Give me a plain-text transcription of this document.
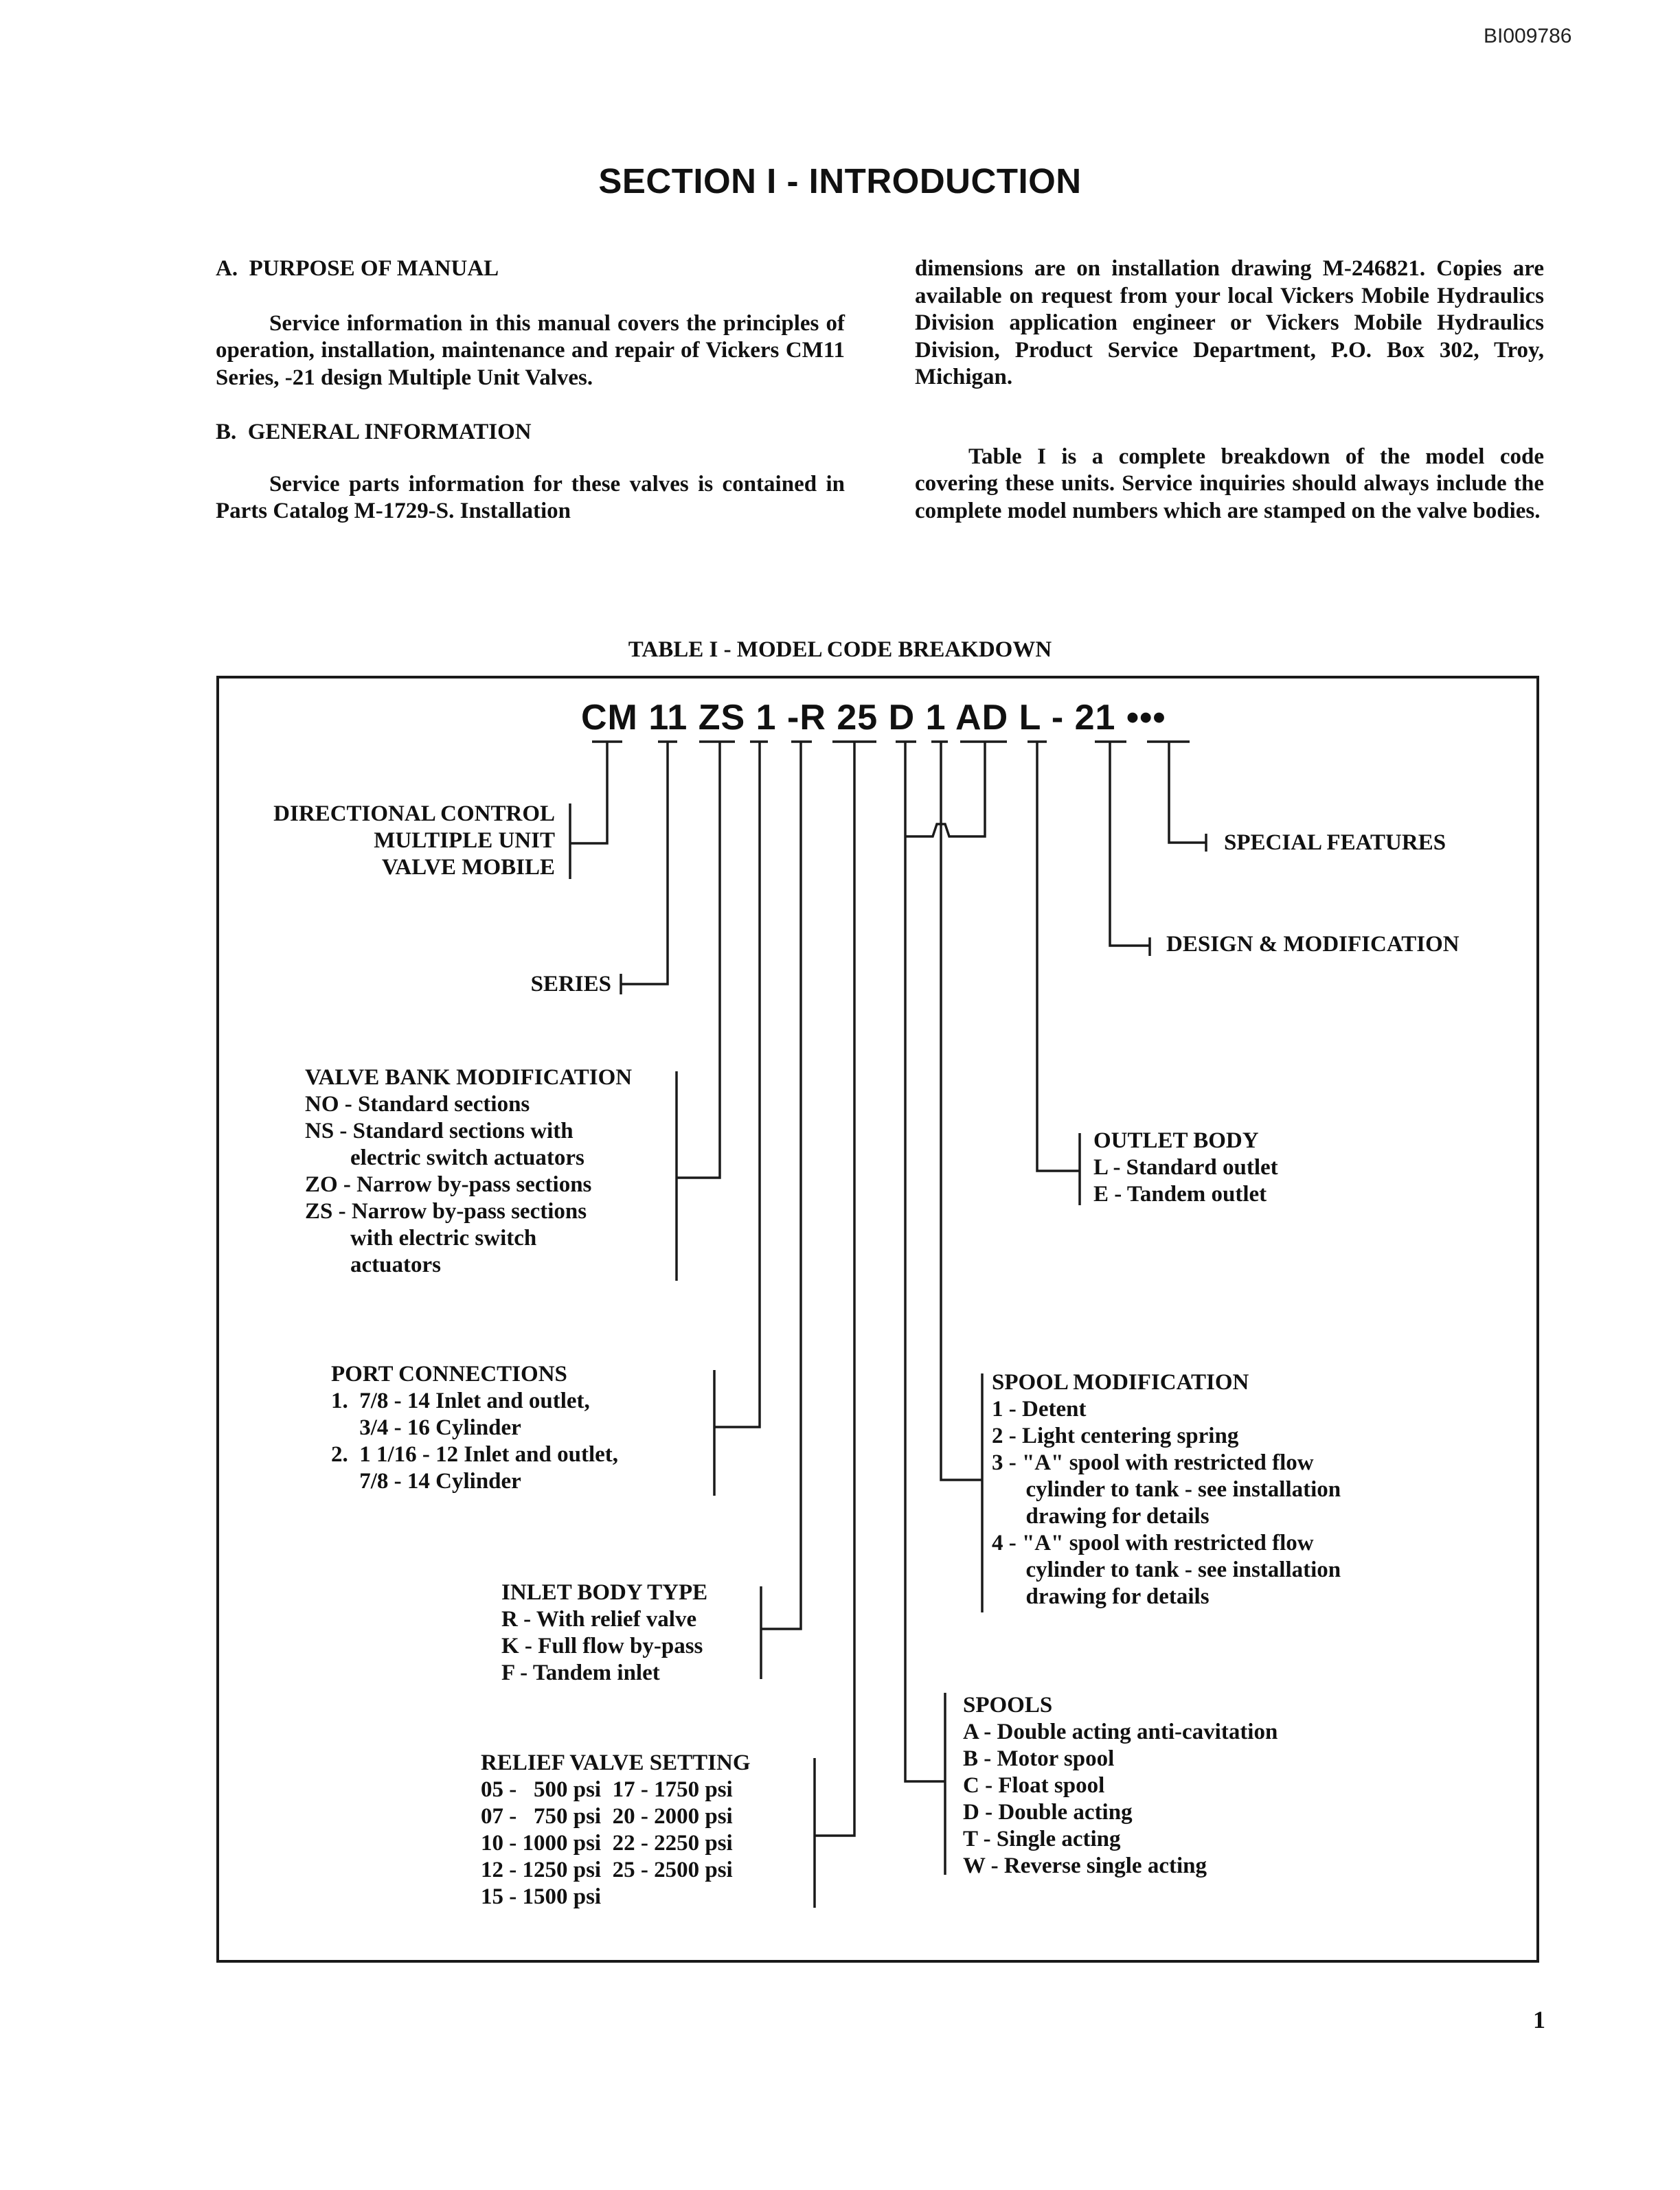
BI009786
SECTION I - INTRODUCTION

A.  PURPOSE OF MANUAL

Service information in this manual covers the principles of operation, installation, maintenance and repair of Vickers CM11 Series, -21 design Multiple Unit Valves.

B.  GENERAL INFORMATION

Service parts information for these valves is contained in Parts Catalog M-1729-S. Installation

dimensions are on installation drawing M-246821. Copies are available on request from your local Vickers Mobile Hydraulics Division application engineer or Vickers Mobile Hydraulics Division, Product Service Department, P.O. Box 302, Troy, Michigan.

Table I is a complete breakdown of the model code covering these units. Service inquiries should always include the complete model numbers which are stamped on the valve bodies.

TABLE I - MODEL CODE BREAKDOWN
CM 11 ZS 1 -R 25 D 1 AD L - 21 •••
DIRECTIONAL CONTROL
MULTIPLE UNIT
VALVE MOBILE
SERIES
VALVE BANK MODIFICATION
NO - Standard sections
NS - Standard sections with
electric switch actuators
ZO - Narrow by-pass sections
ZS - Narrow by-pass sections
with electric switch
actuators
PORT CONNECTIONS
1.  7/8 - 14 Inlet and outlet,
3/4 - 16 Cylinder
2.  1 1/16 - 12 Inlet and outlet,
7/8 - 14 Cylinder
INLET BODY TYPE
R - With relief valve
K - Full flow by-pass
F - Tandem inlet
RELIEF VALVE SETTING
05 -   500 psi  17 - 1750 psi
07 -   750 psi  20 - 2000 psi
10 - 1000 psi  22 - 2250 psi
12 - 1250 psi  25 - 2500 psi
15 - 1500 psi
SPECIAL FEATURES
DESIGN & MODIFICATION
OUTLET BODY
L - Standard outlet
E - Tandem outlet
SPOOL MODIFICATION
1 - Detent
2 - Light centering spring
3 - "A" spool with restricted flow
cylinder to tank - see installation
drawing for details
4 - "A" spool with restricted flow
cylinder to tank - see installation
drawing for details
SPOOLS
A - Double acting anti-cavitation
B - Motor spool
C - Float spool
D - Double acting
T - Single acting
W - Reverse single acting
1
